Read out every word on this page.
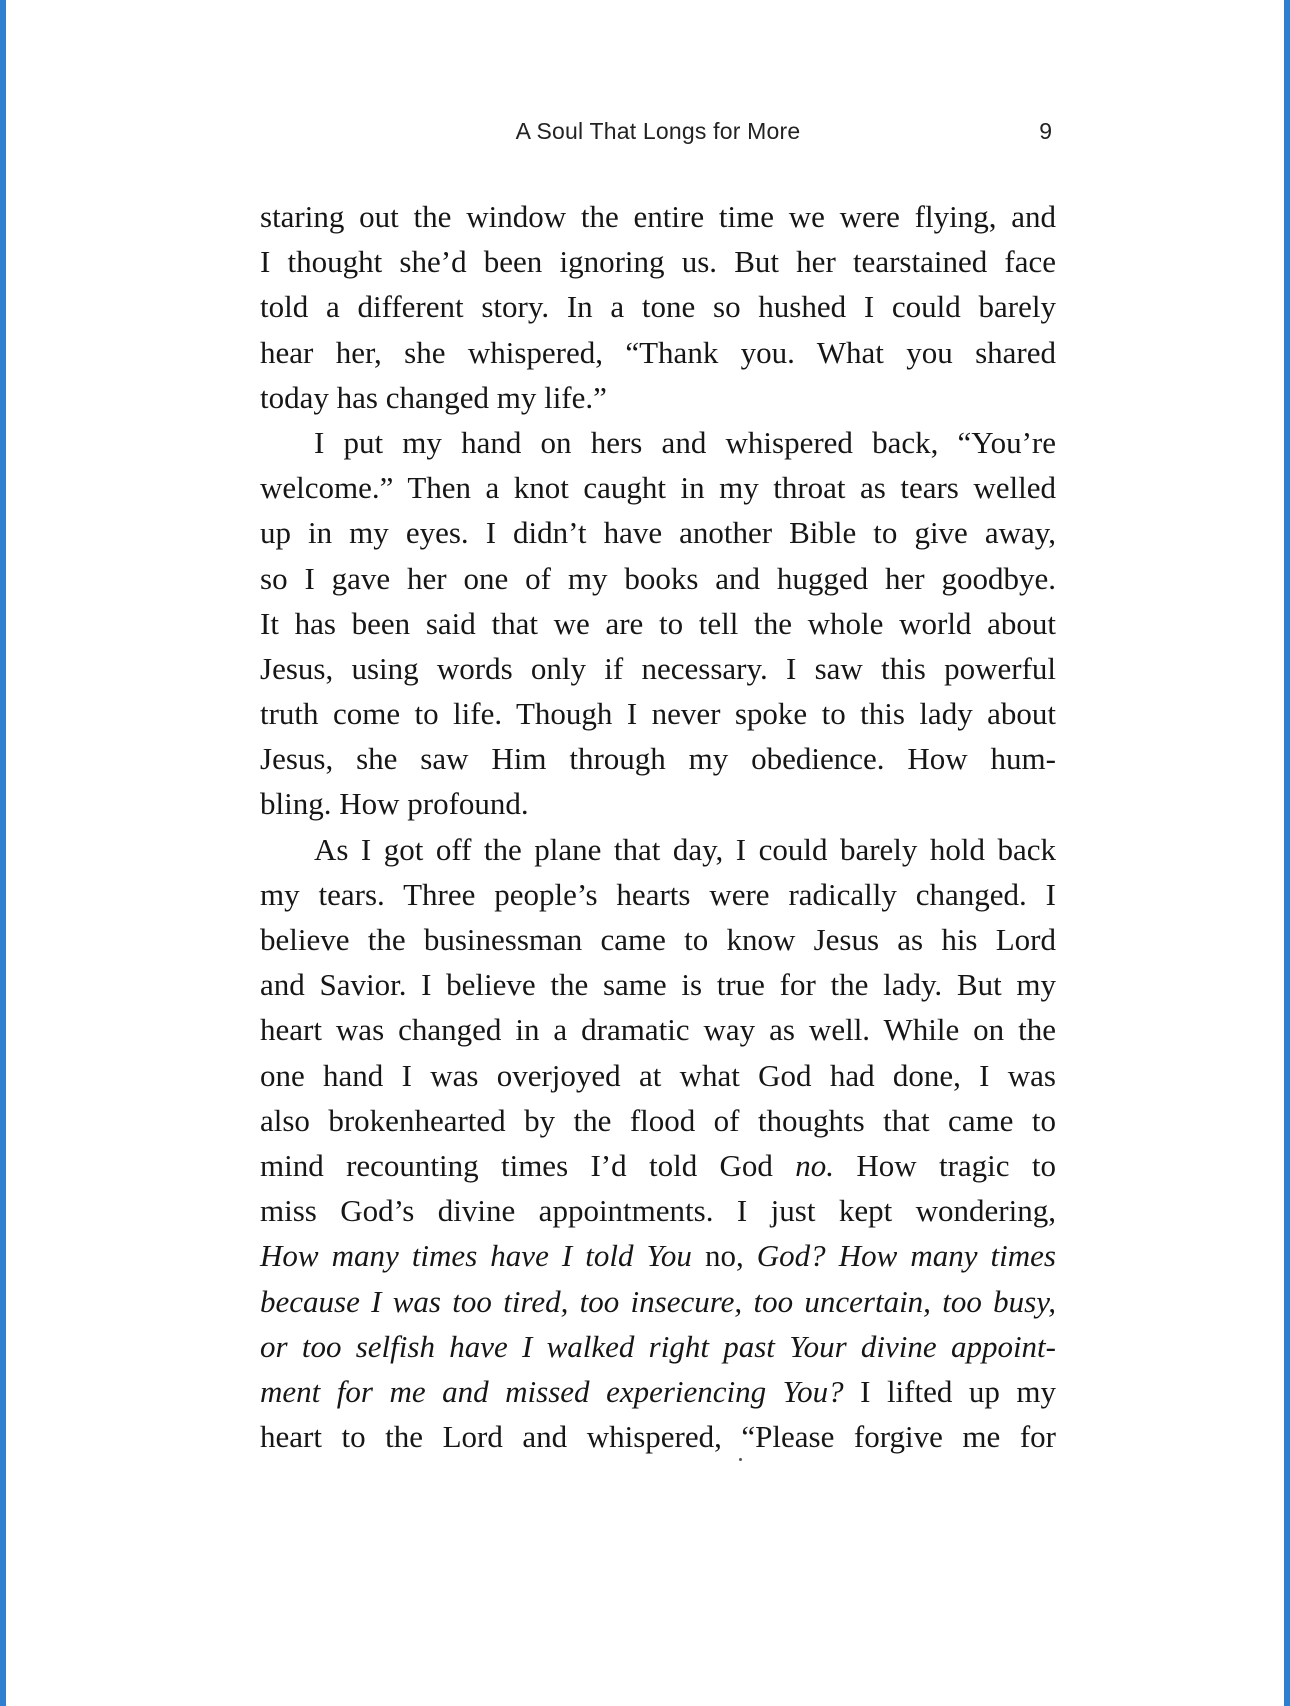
A Soul That Longs for More	9
staring out the window the entire time we were flying, and
I thought she’d been ignoring us. But her tearstained face
told a different story. In a tone so hushed I could barely
hear her, she whispered, “Thank you. What you shared
today has changed my life.”
I put my hand on hers and whispered back, “You’re
welcome.” Then a knot caught in my throat as tears welled
up in my eyes. I didn’t have another Bible to give away,
so I gave her one of my books and hugged her goodbye.
It has been said that we are to tell the whole world about
Jesus, using words only if necessary. I saw this powerful
truth come to life. Though I never spoke to this lady about
Jesus, she saw Him through my obedience. How hum-
bling. How profound.
As I got off the plane that day, I could barely hold back
my tears. Three people’s hearts were radically changed. I
believe the businessman came to know Jesus as his Lord
and Savior. I believe the same is true for the lady. But my
heart was changed in a dramatic way as well. While on the
one hand I was overjoyed at what God had done, I was
also brokenhearted by the flood of thoughts that came to
mind recounting times I’d told God no. How tragic to
miss God’s divine appointments. I just kept wondering,
How many times have I told You no, God? How many times
because I was too tired, too insecure, too uncertain, too busy,
or too selfish have I walked right past Your divine appoint-
ment for me and missed experiencing You? I lifted up my
heart to the Lord and whispered, “Please forgive me for
